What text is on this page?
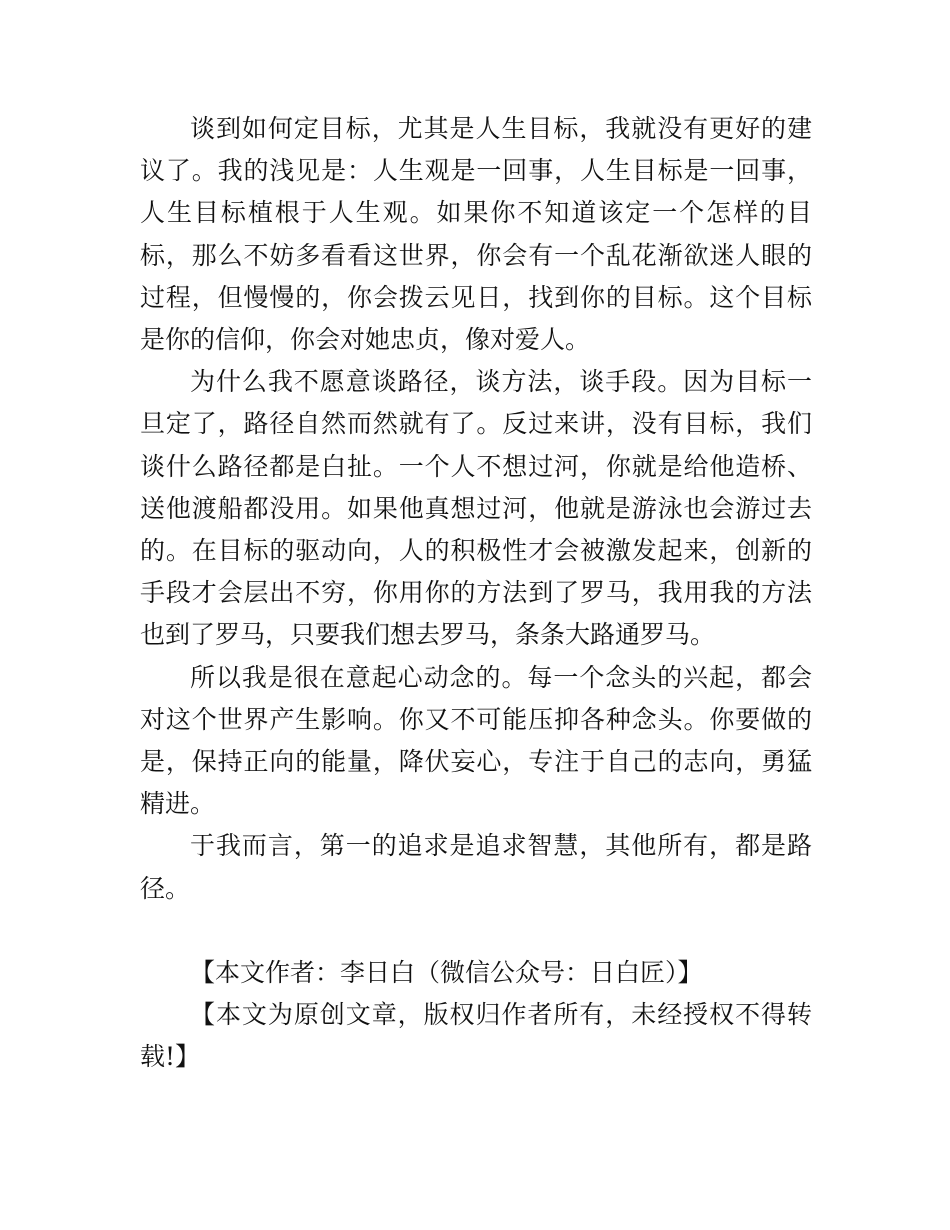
谈到如何定目标，尤其是人生目标，我就没有更好的建议了。我的浅见是：人生观是一回事，人生目标是一回事，人生目标植根于人生观。如果你不知道该定一个怎样的目标，那么不妨多看看这世界，你会有一个乱花渐欲迷人眼的过程，但慢慢的，你会拨云见日，找到你的目标。这个目标是你的信仰，你会对她忠贞，像对爱人。

为什么我不愿意谈路径，谈方法，谈手段。因为目标一旦定了，路径自然而然就有了。反过来讲，没有目标，我们谈什么路径都是白扯。一个人不想过河，你就是给他造桥、送他渡船都没用。如果他真想过河，他就是游泳也会游过去的。在目标的驱动向，人的积极性才会被激发起来，创新的手段才会层出不穷，你用你的方法到了罗马，我用我的方法也到了罗马，只要我们想去罗马，条条大路通罗马。

所以我是很在意起心动念的。每一个念头的兴起，都会对这个世界产生影响。你又不可能压抑各种念头。你要做的是，保持正向的能量，降伏妄心，专注于自己的志向，勇猛精进。

于我而言，第一的追求是追求智慧，其他所有，都是路径。

【本文作者：李日白（微信公众号：日白匠）】

【本文为原创文章，版权归作者所有，未经授权不得转载!】
